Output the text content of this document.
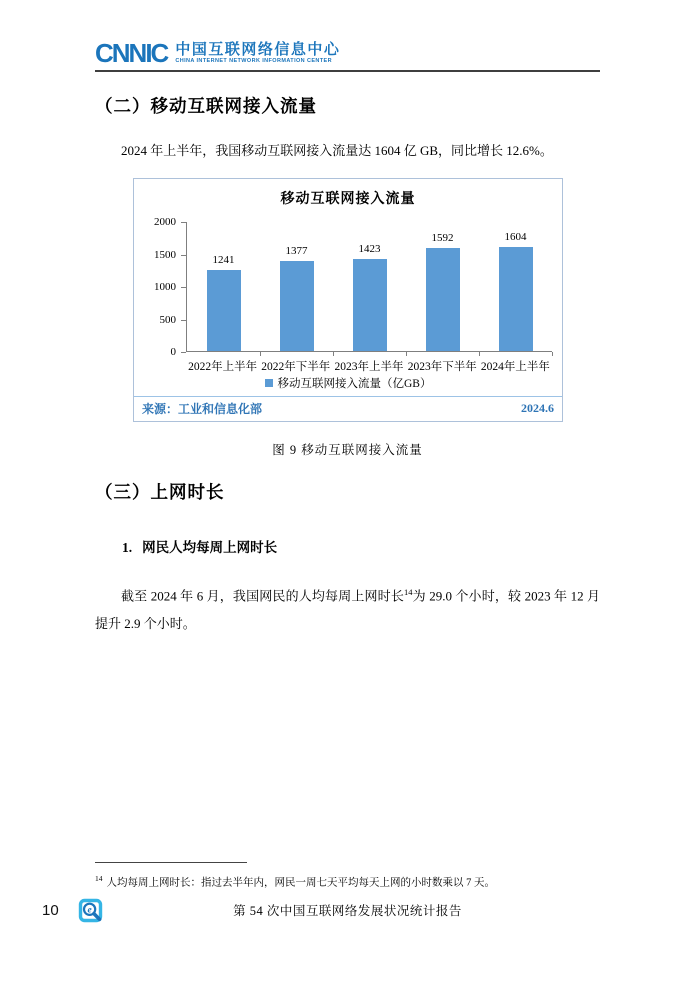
CNNIC 中国互联网络信息中心
CHINA INTERNET NETWORK INFORMATION CENTER
（二）移动互联网接入流量

2024 年上半年，我国移动互联网接入流量达 1604 亿 GB，同比增长 12.6%。

移动互联网接入流量
0
500
1000
1500
2000
1241
1377	1423
1592	1604
2022年上半年 2022年下半年 2023年上半年 2023年下半年 2024年上半年
移动互联网接入流量（亿GB）
来源：工业和信息化部	2024.6
图 9 移动互联网接入流量
（三）上网时长
1. 网民人均每周上网时长

截至 2024 年 6 月，我国网民的人均每周上网时长$^{14}$为 29.0 个小时，较 2023 年 12 月提升 2.9 个小时。

$^{14}$ 人均每周上网时长：指过去半年内，网民一周七天平均每天上网的小时数乘以 7 天。
10	e	第 54 次中国互联网络发展状况统计报告
